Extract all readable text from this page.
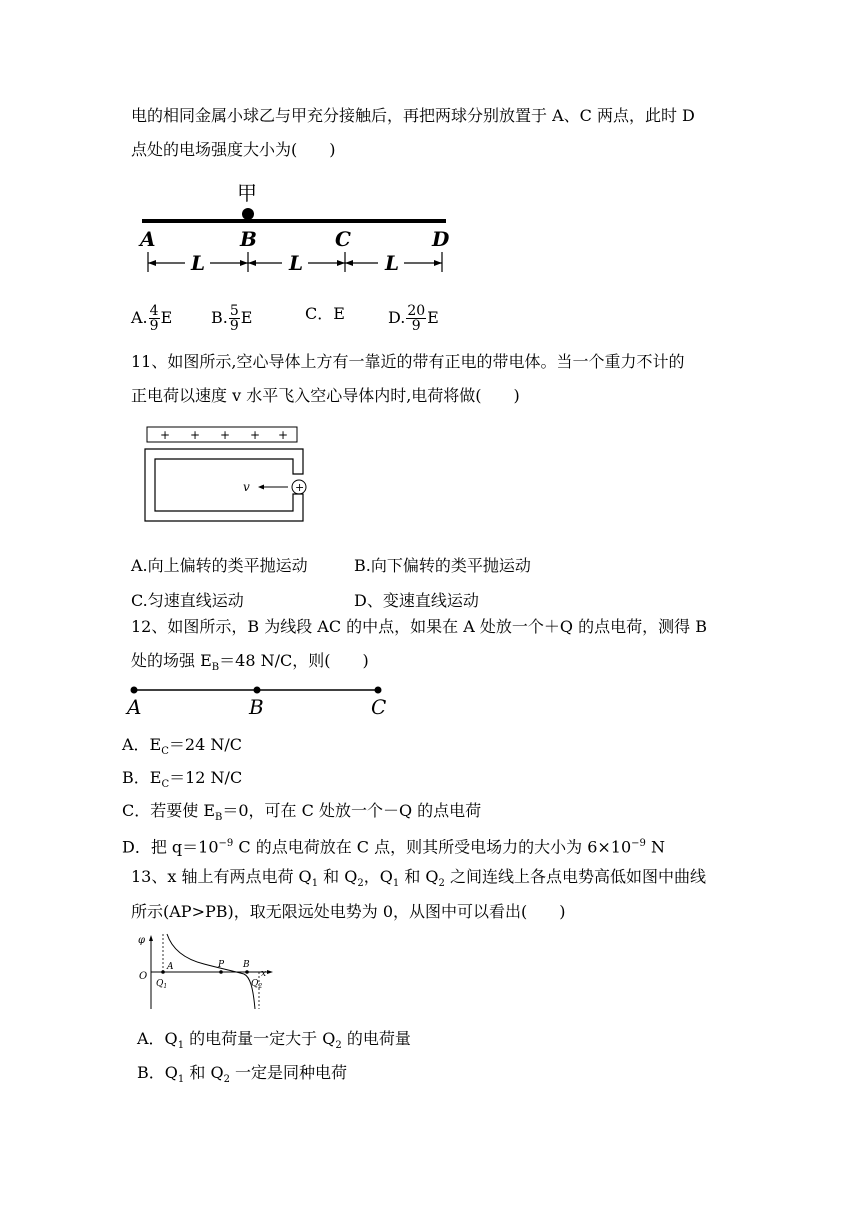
电的相同金属小球乙与甲充分接触后，再把两球分别放置于 A、C 两点，此时 D
点处的电场强度大小为(　　)
甲
A	B	C	D
L	L	L
A. $\frac{4}{9}$ E B. $\frac{5}{9}$ E	C．E	D. $\frac{20}{9}$ E
11、如图所示,空心导体上方有一靠近的带有正电的带电体。当一个重力不计的
正电荷以速度 v 水平飞入空心导体内时,电荷将做(　　)
+ + + + +
+
v
A.向上偏转的类平抛运动	B.向下偏转的类平抛运动
C.匀速直线运动	D、变速直线运动
12、如图所示，B 为线段 AC 的中点，如果在 A 处放一个＋Q 的点电荷，测得 B
处的场强 $E_B=48$ N/C，则(　　)
A	B	C
A．$E_C=24$ N/C
B．$E_C=12$ N/C
C．若要使 $E_B=0$，可在 C 处放一个－Q 的点电荷
D．把 $q=10^{-9}$ C 的点电荷放在 C 点，则其所受电场力的大小为 $6\times 10^{-9}$ N
13、x 轴上有两点电荷 $Q_1$ 和 $Q_2$，$Q_1$ 和 $Q_2$ 之间连线上各点电势高低如图中曲线
所示(AP>PB)，取无限远处电势为 0，从图中可以看出(　　)
φ
x
O
A	P B
$Q_1$	$Q_2$
A．$Q_1$ 的电荷量一定大于 $Q_2$ 的电荷量
B．$Q_1$ 和 $Q_2$ 一定是同种电荷
